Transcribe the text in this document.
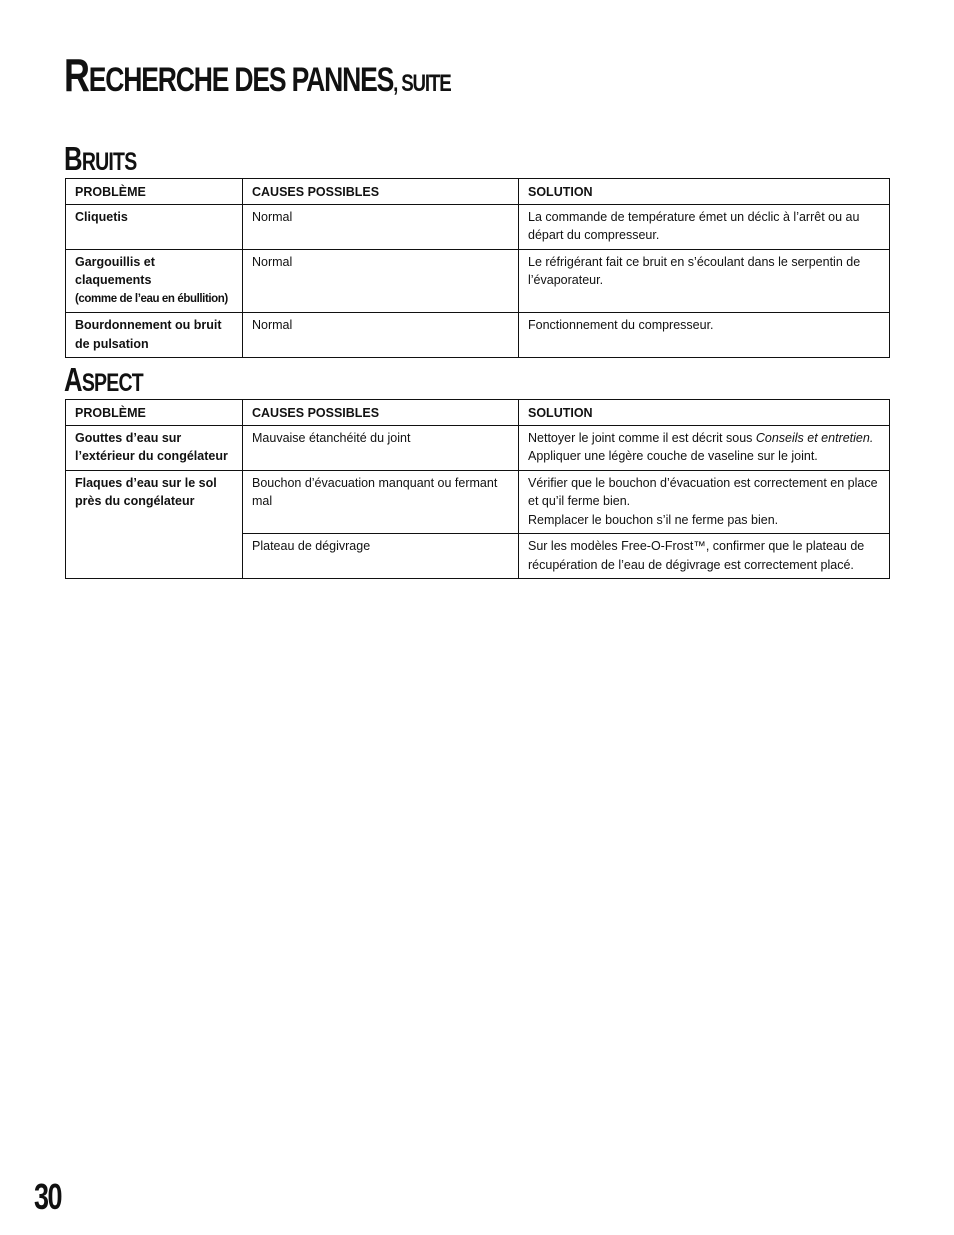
RECHERCHE DES PANNES, SUITE
BRUITS
PROBLÈME	CAUSES POSSIBLES	SOLUTION
Cliquetis	Normal	La commande de température émet un déclic à l’arrêt ou au départ du compresseur.

Gargouillis et claquements
(comme de l’eau en ébullition)	Normal	Le réfrigérant fait ce bruit en s’écoulant dans le serpentin de l’évaporateur.
Bourdonnement ou bruit de pulsation	Normal	Fonctionnement du compresseur.
ASPECT
PROBLÈME	CAUSES POSSIBLES	SOLUTION
Gouttes d’eau sur l’extérieur du congélateur	Mauvaise étanchéité du joint	Nettoyer le joint comme il est décrit sous Conseils et entretien.
Appliquer une légère couche de vaseline sur le joint.

Flaques d’eau sur le sol près du congélateur	Bouchon d’évacuation manquant ou fermant mal	Vérifier que le bouchon d’évacuation est correctement en place et qu’il ferme bien.
Remplacer le bouchon s’il ne ferme pas bien.

	Plateau de dégivrage	Sur les modèles Free-O-Frost™, confirmer que le plateau de récupération de l’eau de dégivrage est correctement placé.
30
